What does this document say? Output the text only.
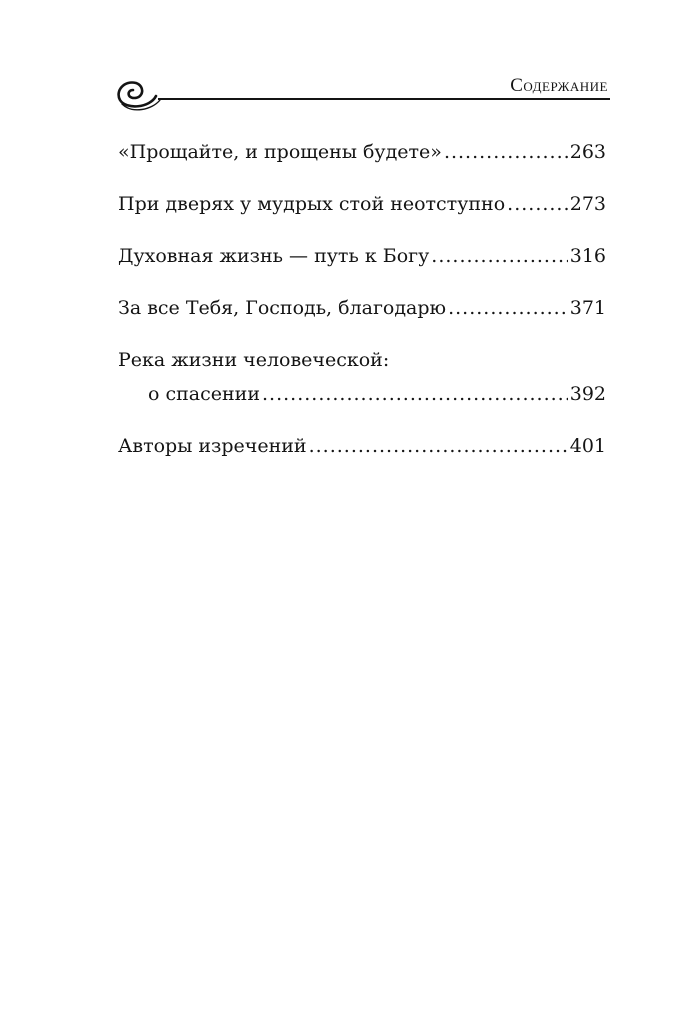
Содержание
«Прощайте, и прощены будете» .....	263
При дверях у мудрых стой неотступно .....	273
Духовная жизнь — путь к Богу .....	316
За все Тебя, Господь, благодарю .....	371
Река жизни человеческой:
о спасении .....	392
Авторы изречений .....	401
